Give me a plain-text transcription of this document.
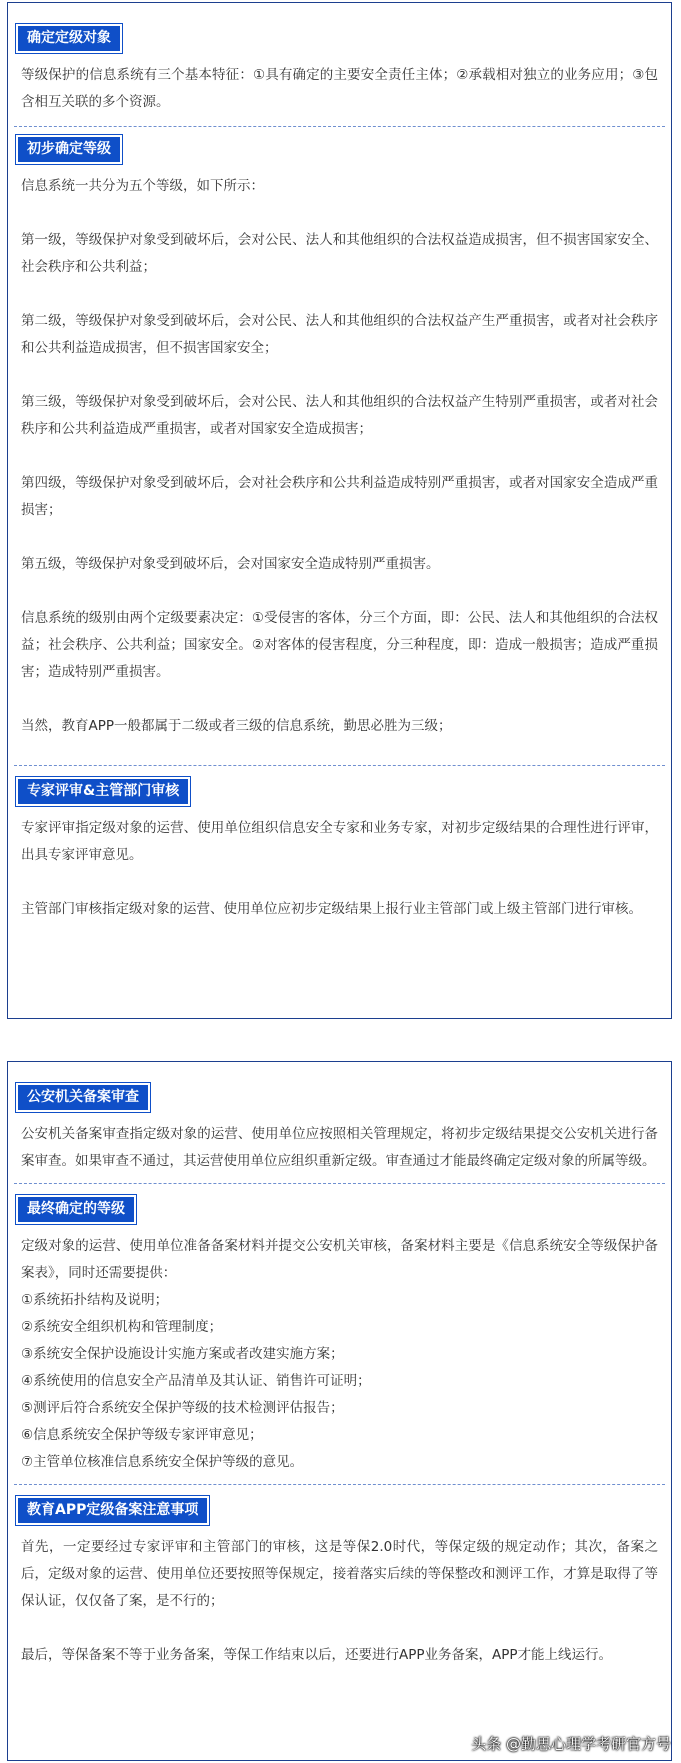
确定定级对象

等级保护的信息系统有三个基本特征：①具有确定的主要安全责任主体；②承载相对独立的业务应用；③包含相互关联的多个资源。

初步确定等级

信息系统一共分为五个等级，如下所示：

第一级，等级保护对象受到破坏后，会对公民、法人和其他组织的合法权益造成损害，但不损害国家安全、社会秩序和公共利益；

第二级，等级保护对象受到破坏后，会对公民、法人和其他组织的合法权益产生严重损害，或者对社会秩序和公共利益造成损害，但不损害国家安全；

第三级，等级保护对象受到破坏后，会对公民、法人和其他组织的合法权益产生特别严重损害，或者对社会秩序和公共利益造成严重损害，或者对国家安全造成损害；

第四级，等级保护对象受到破坏后，会对社会秩序和公共利益造成特别严重损害，或者对国家安全造成严重损害；

第五级，等级保护对象受到破坏后，会对国家安全造成特别严重损害。

信息系统的级别由两个定级要素决定：①受侵害的客体，分三个方面，即：公民、法人和其他组织的合法权益；社会秩序、公共利益；国家安全。②对客体的侵害程度，分三种程度，即：造成一般损害；造成严重损害；造成特别严重损害。

当然，教育APP一般都属于二级或者三级的信息系统，勤思必胜为三级；

专家评审&主管部门审核

专家评审指定级对象的运营、使用单位组织信息安全专家和业务专家，对初步定级结果的合理性进行评审，出具专家评审意见。

主管部门审核指定级对象的运营、使用单位应初步定级结果上报行业主管部门或上级主管部门进行审核。

公安机关备案审查

公安机关备案审查指定级对象的运营、使用单位应按照相关管理规定，将初步定级结果提交公安机关进行备案审查。如果审查不通过，其运营使用单位应组织重新定级。审查通过才能最终确定定级对象的所属等级。

最终确定的等级

定级对象的运营、使用单位准备备案材料并提交公安机关审核，备案材料主要是《信息系统安全等级保护备案表》，同时还需要提供：

①系统拓扑结构及说明；

②系统安全组织机构和管理制度；

③系统安全保护设施设计实施方案或者改建实施方案；

④系统使用的信息安全产品清单及其认证、销售许可证明；

⑤测评后符合系统安全保护等级的技术检测评估报告；

⑥信息系统安全保护等级专家评审意见；

⑦主管单位核准信息系统安全保护等级的意见。

教育APP定级备案注意事项

首先，一定要经过专家评审和主管部门的审核，这是等保2.0时代，等保定级的规定动作；其次，备案之后，定级对象的运营、使用单位还要按照等保规定，接着落实后续的等保整改和测评工作，才算是取得了等保认证，仅仅备了案，是不行的；

最后，等保备案不等于业务备案，等保工作结束以后，还要进行APP业务备案，APP才能上线运行。

头条 @勤思心理学考研官方号
